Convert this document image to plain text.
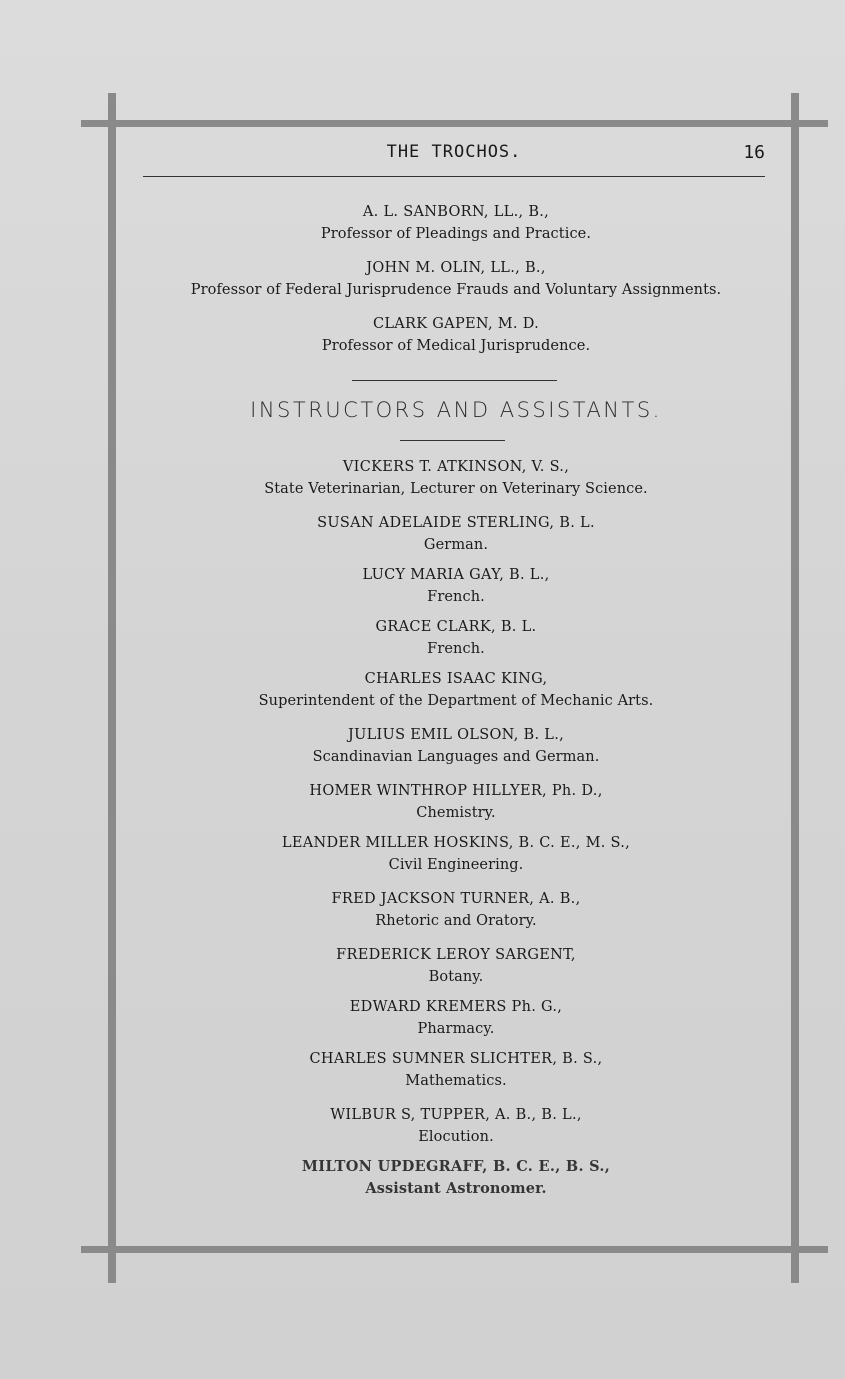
THE TROCHOS.	16
A. L. SANBORN, LL., B.,
Professor of Pleadings and Practice.
JOHN M. OLIN, LL., B.,
Professor of Federal Jurisprudence Frauds and Voluntary Assignments.
CLARK GAPEN, M. D.
Professor of Medical Jurisprudence.
INSTRUCTORS AND ASSISTANTS.
VICKERS T. ATKINSON, V. S.,
State Veterinarian, Lecturer on Veterinary Science.
SUSAN ADELAIDE STERLING, B. L.
German.
LUCY MARIA GAY, B. L.,
French.
GRACE CLARK, B. L.
French.
CHARLES ISAAC KING,
Superintendent of the Department of Mechanic Arts.
JULIUS EMIL OLSON, B. L.,
Scandinavian Languages and German.
HOMER WINTHROP HILLYER, Ph. D.,
Chemistry.
LEANDER MILLER HOSKINS, B. C. E., M. S.,
Civil Engineering.
FRED JACKSON TURNER, A. B.,
Rhetoric and Oratory.
FREDERICK LEROY SARGENT,
Botany.
EDWARD KREMERS Ph. G.,
Pharmacy.
CHARLES SUMNER SLICHTER, B. S.,
Mathematics.
WILBUR S, TUPPER, A. B., B. L.,
Elocution.
MILTON UPDEGRAFF, B. C. E., B. S.,
Assistant Astronomer.
